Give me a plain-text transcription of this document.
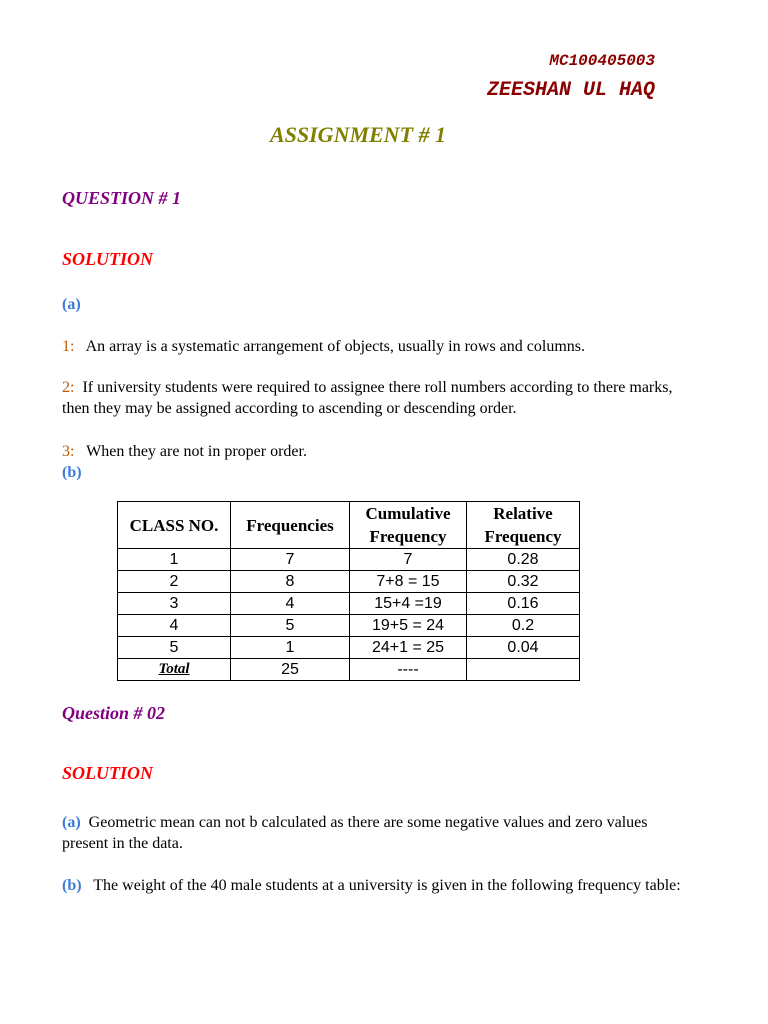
MC100405003
ZEESHAN UL HAQ
ASSIGNMENT # 1
QUESTION # 1
SOLUTION
(a)
1: An array is a systematic arrangement of objects, usually in rows and columns.
2: If university students were required to assignee there roll numbers according to there marks, then they may be assigned according to ascending or descending order.
3: When they are not in proper order.
(b)
CLASS NO.	Frequencies	Cumulative Frequency	Relative Frequency
1	7	7	0.28
2	8	7+8 = 15	0.32
3	4	15+4 =19	0.16
4	5	19+5 = 24	0.2
5	1	24+1 = 25	0.04
Total	25	----	
Question # 02
SOLUTION
(a) Geometric mean can not b calculated as there are some negative values and zero values present in the data.
(b) The weight of the 40 male students at a university is given in the following frequency table:
